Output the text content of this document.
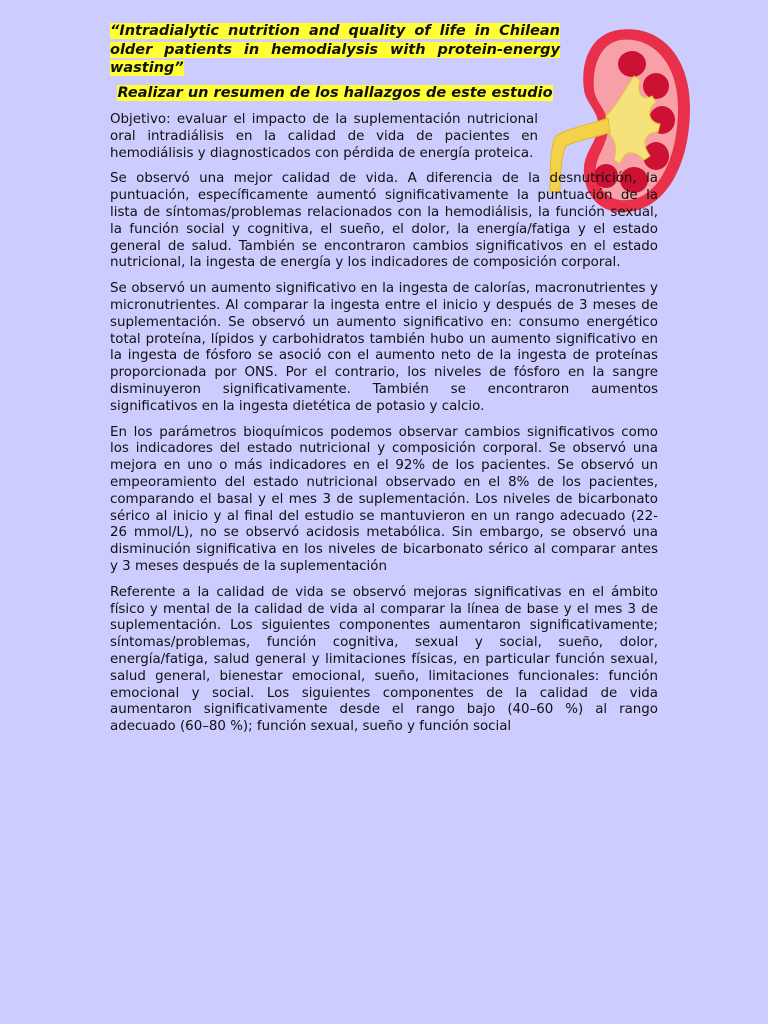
“Intradialytic nutrition and quality of life in Chilean older patients in hemodialysis with protein-energy wasting”
Realizar un resumen de los hallazgos de este estudio

Objetivo: evaluar el impacto de la suplementación nutricional oral intradiálisis en la calidad de vida de pacientes en hemodiálisis y diagnosticados con pérdida de energía proteica.

Se observó una mejor calidad de vida. A diferencia de la desnutrición, la puntuación, específicamente aumentó significativamente la puntuación de la lista de síntomas/problemas relacionados con la hemodiálisis, la función sexual, la función social y cognitiva, el sueño, el dolor, la energía/fatiga y el estado general de salud. También se encontraron cambios significativos en el estado nutricional, la ingesta de energía y los indicadores de composición corporal.

Se observó un aumento significativo en la ingesta de calorías, macronutrientes y micronutrientes. Al comparar la ingesta entre el inicio y después de 3 meses de suplementación. Se observó un aumento significativo en: consumo energético total proteína, lípidos y carbohidratos también hubo un aumento significativo en la ingesta de fósforo se asoció con el aumento neto de la ingesta de proteínas proporcionada por ONS. Por el contrario, los niveles de fósforo en la sangre disminuyeron significativamente. También se encontraron aumentos significativos en la ingesta dietética de potasio y calcio.

En los parámetros bioquímicos podemos observar cambios significativos como los indicadores del estado nutricional y composición corporal. Se observó una mejora en uno o más indicadores en el 92% de los pacientes. Se observó un empeoramiento del estado nutricional observado en el 8% de los pacientes, comparando el basal y el mes 3 de suplementación. Los niveles de bicarbonato sérico al inicio y al final del estudio se mantuvieron en un rango adecuado (22-26 mmol/L), no se observó acidosis metabólica. Sin embargo, se observó una disminución significativa en los niveles de bicarbonato sérico al comparar antes y 3 meses después de la suplementación

Referente a la calidad de vida se observó mejoras significativas en el ámbito físico y mental de la calidad de vida al comparar la línea de base y el mes 3 de suplementación. Los siguientes componentes aumentaron significativamente; síntomas/problemas, función cognitiva, sexual y social, sueño, dolor, energía/fatiga, salud general y limitaciones físicas, en particular función sexual, salud general, bienestar emocional, sueño, limitaciones funcionales: función emocional y social. Los siguientes componentes de la calidad de vida aumentaron significativamente desde el rango bajo (40–60 %) al rango adecuado (60–80 %); función sexual, sueño y función social
